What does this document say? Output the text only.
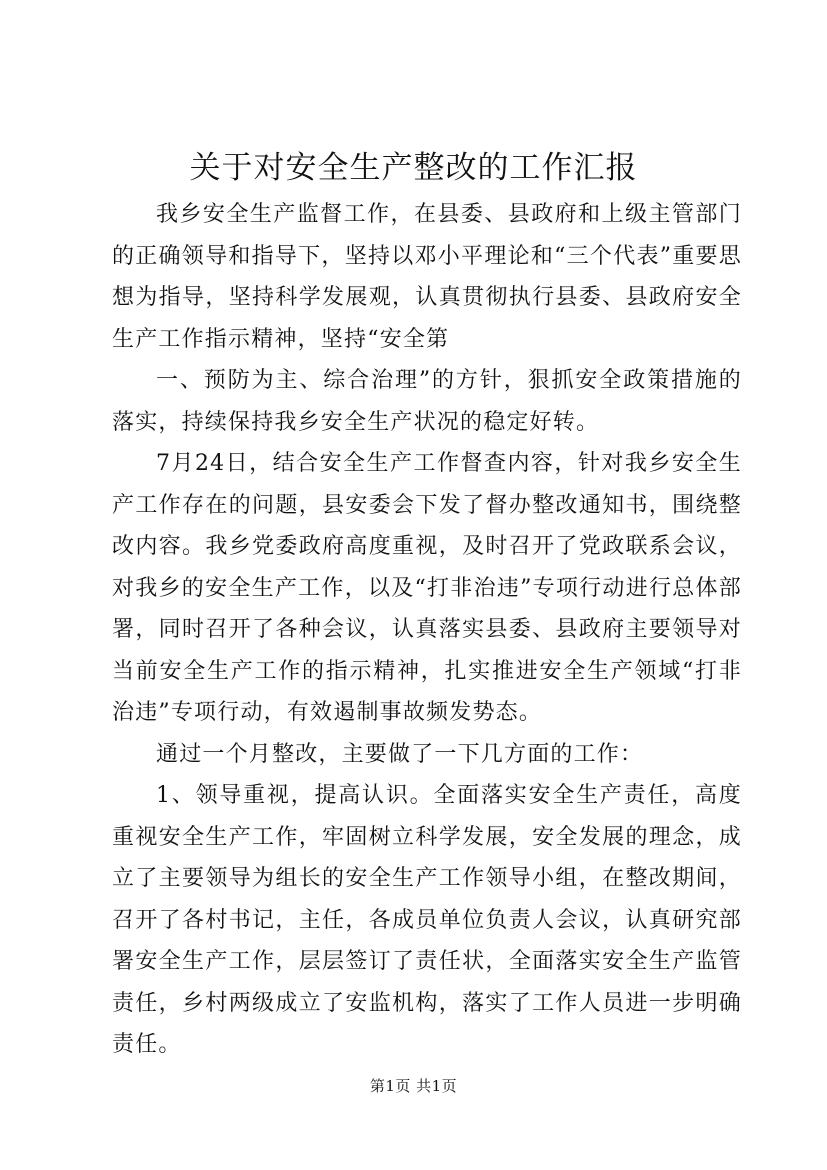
关于对安全生产整改的工作汇报

我乡安全生产监督工作，在县委、县政府和上级主管部门的正确领导和指导下，坚持以邓小平理论和“三个代表”重要思想为指导，坚持科学发展观，认真贯彻执行县委、县政府安全生产工作指示精神，坚持“安全第

一、预防为主、综合治理”的方针，狠抓安全政策措施的落实，持续保持我乡安全生产状况的稳定好转。

7月24日，结合安全生产工作督查内容，针对我乡安全生产工作存在的问题，县安委会下发了督办整改通知书，围绕整改内容。我乡党委政府高度重视，及时召开了党政联系会议，对我乡的安全生产工作，以及“打非治违”专项行动进行总体部署，同时召开了各种会议，认真落实县委、县政府主要领导对当前安全生产工作的指示精神，扎实推进安全生产领域“打非治违”专项行动，有效遏制事故频发势态。

通过一个月整改，主要做了一下几方面的工作：

1、领导重视，提高认识。全面落实安全生产责任，高度重视安全生产工作，牢固树立科学发展，安全发展的理念，成立了主要领导为组长的安全生产工作领导小组，在整改期间，召开了各村书记，主任，各成员单位负责人会议，认真研究部署安全生产工作，层层签订了责任状，全面落实安全生产监管责任，乡村两级成立了安监机构，落实了工作人员进一步明确责任。

第1页 共1页
